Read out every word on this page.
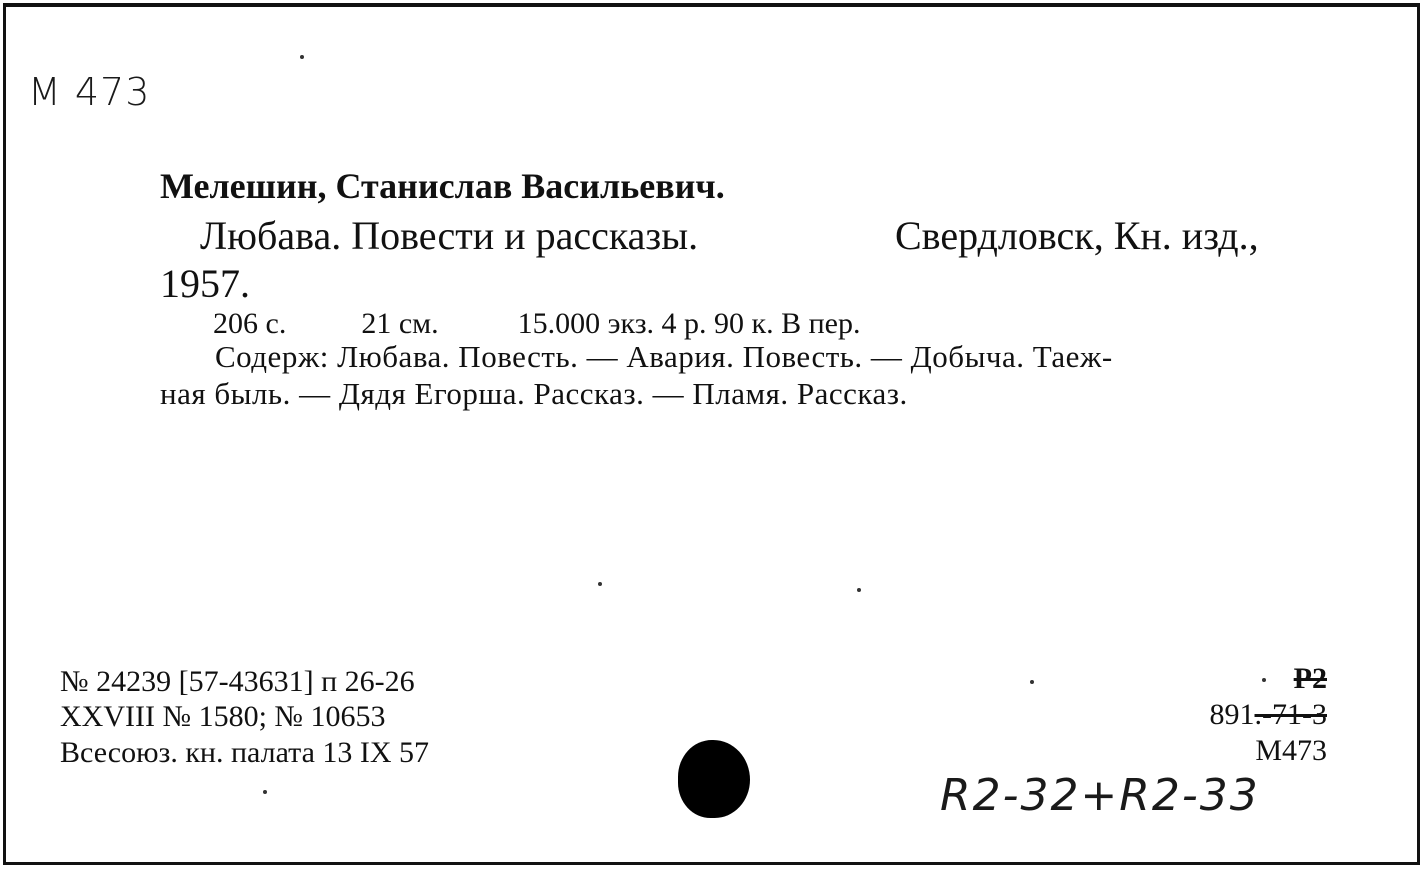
M 473
Мелешин, Станислав Васильевич.
Любава. Повести и рассказы.	Свердловск, Кн. изд.,
1957.
206 с.	21 см.	15.000 экз. 4 р. 90 к. В пер.
Содерж: Любава. Повесть. — Авария. Повесть. — Добыча. Таеж-
ная быль. — Дядя Егорша. Рассказ. — Пламя. Рассказ.
№ 24239 [57-43631] п 26-26
XXVIII № 1580; № 10653
Всесоюз. кн. палата 13 IX 57
Р2
891.-71-3
М473
R2-32+R2-33
